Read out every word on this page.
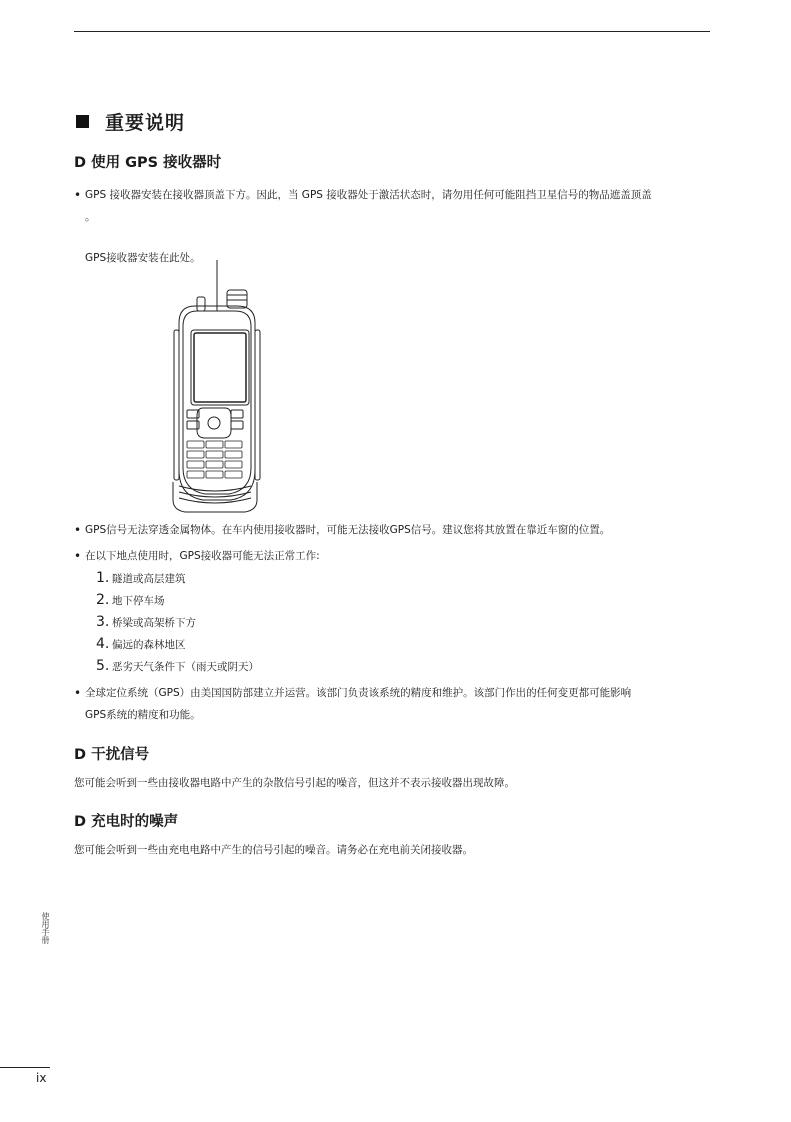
重要说明
D 使用 GPS 接收器时
• GPS 接收器安装在接收器顶盖下方。因此，当 GPS 接收器处于激活状态时，请勿用任何可能阻挡卫星信号的物品遮盖顶盖
。
GPS接收器安装在此处。
• GPS信号无法穿透金属物体。在车内使用接收器时，可能无法接收GPS信号。建议您将其放置在靠近车窗的位置。
• 在以下地点使用时，GPS接收器可能无法正常工作:
1. 隧道或高层建筑
2. 地下停车场
3. 桥梁或高架桥下方
4. 偏远的森林地区
5. 恶劣天气条件下（雨天或阴天）
• 全球定位系统（GPS）由美国国防部建立并运营。该部门负责该系统的精度和维护。该部门作出的任何变更都可能影响
GPS系统的精度和功能。
D 干扰信号
您可能会听到一些由接收器电路中产生的杂散信号引起的噪音，但这并不表示接收器出现故障。
D 充电时的噪声
您可能会听到一些由充电电路中产生的信号引起的噪音。请务必在充电前关闭接收器。
使用手册
ix
